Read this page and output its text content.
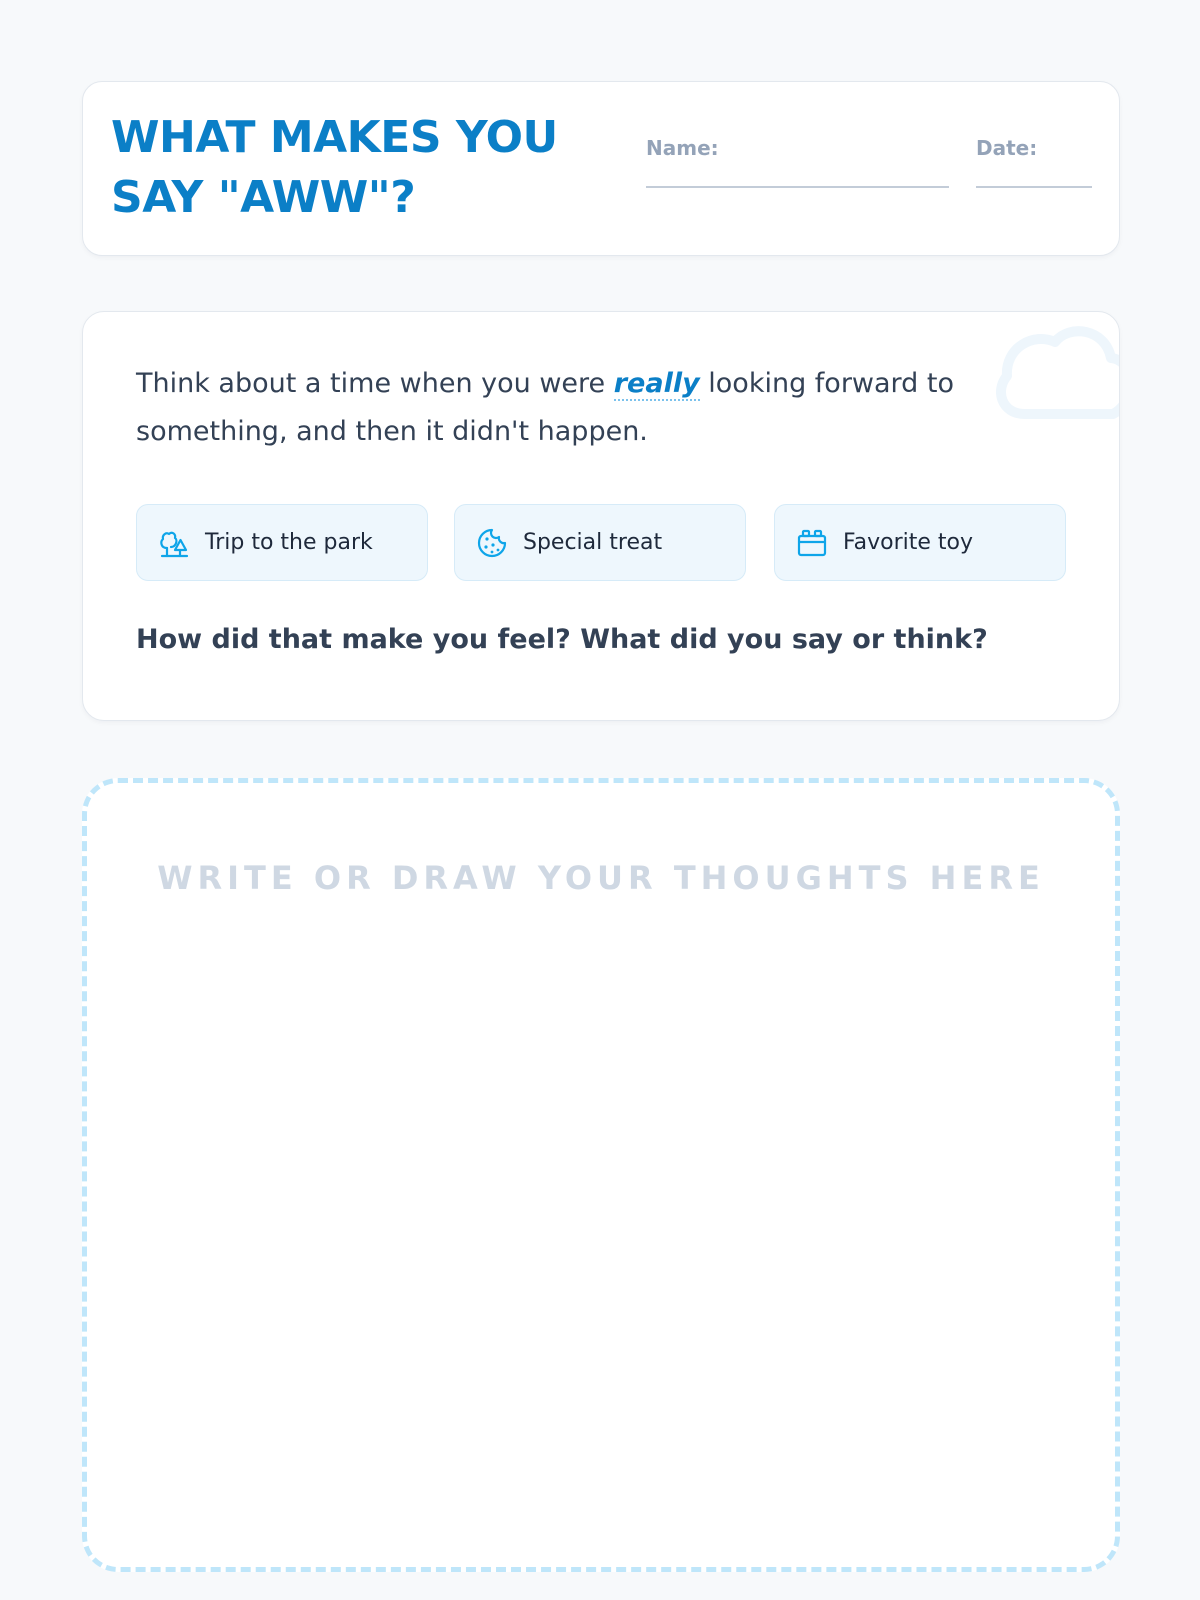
WHAT MAKES YOU SAY "AWW"?
Name:	Date:

Think about a time when you were really looking forward to something, and then it didn't happen.

Trip to the park	Special treat	Favorite toy

How did that make you feel? What did you say or think?

WRITE OR DRAW YOUR THOUGHTS HERE
